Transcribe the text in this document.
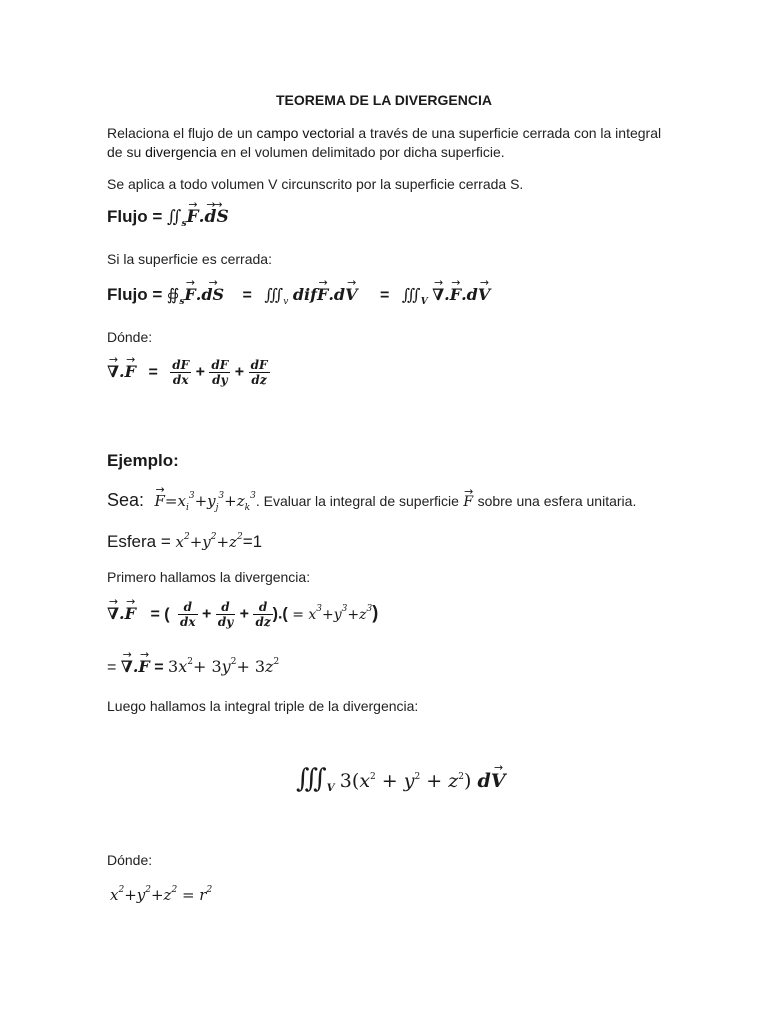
TEOREMA DE LA DIVERGENCIA
Relaciona el flujo de un campo vectorial a través de una superficie cerrada con la integral
de su divergencia en el volumen delimitado por dicha superficie.
Se aplica a todo volumen V circunscrito por la superficie cerrada S.
Flujo = $∬_s\to F.\to d\to S$
Si la superficie es cerrada:
Flujo = $∯_s\to F.\to$ dS = $∭_v$ $dif\to F.d\to V = ∭_V$ → ∇.→ F.d→ V
Dónde:
→ ∇.→ $F = \frac{dF}{dx} + \frac{dF}{dy} + \frac{dF}{dz}$
Ejemplo:
Sea: → $F=x_i^3+y_j^3+z_k^3$. Evaluar la integral de superficie → F sobre una esfera unitaria.
Esfera = $x^2+y^2+z^2=1$
Primero hallamos la divergencia:
→ ∇.→ F = ( $\frac{d}{dx} + \frac{d}{dy} + \frac{d}{dz}$ ).( = $x^3+y^3+z^3$)
= → ∇.→ $F = 3x^2+ 3y^2+ 3z^2$
Luego hallamos la integral triple de la divergencia:
$∭_V$ $3(x^2 + y^2 + z^2)$ d→ V
Dónde:
$x^2+y^2+z^2 = r^2$
